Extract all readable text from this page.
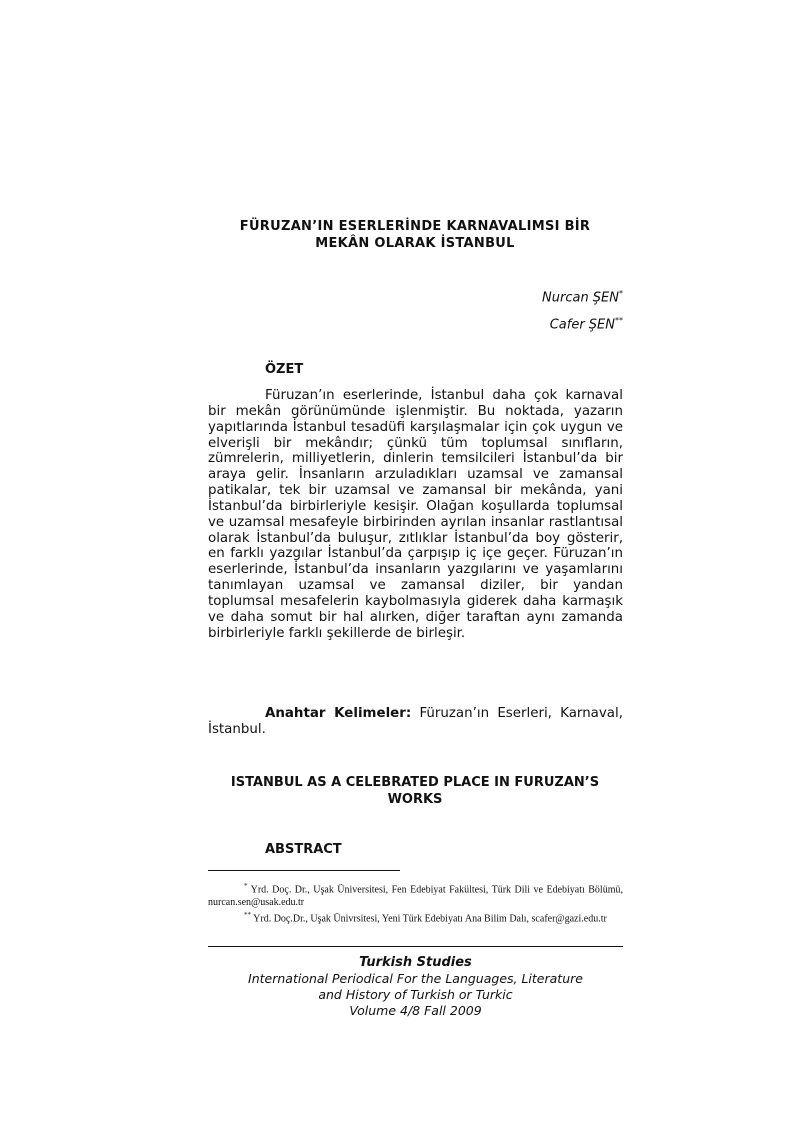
FÜRUZAN’IN ESERLERİNDE KARNAVALIMSI BİR
MEKÂN OLARAK İSTANBUL
Nurcan ŞEN*
Cafer ŞEN**
ÖZET

Füruzan’ın eserlerinde, İstanbul daha çok karnaval bir mekân görünümünde işlenmiştir. Bu noktada, yazarın yapıtlarında İstanbul tesadüfi karşılaşmalar için çok uygun ve elverişli bir mekândır; çünkü tüm toplumsal sınıfların, zümrelerin, milliyetlerin, dinlerin temsilcileri İstanbul’da bir araya gelir. İnsanların arzuladıkları uzamsal ve zamansal patikalar, tek bir uzamsal ve zamansal bir mekânda, yani İstanbul’da birbirleriyle kesişir. Olağan koşullarda toplumsal ve uzamsal mesafeyle birbirinden ayrılan insanlar rastlantısal olarak İstanbul’da buluşur, zıtlıklar İstanbul’da boy gösterir, en farklı yazgılar İstanbul’da çarpışıp iç içe geçer. Füruzan’ın eserlerinde, İstanbul’da insanların yazgılarını ve yaşamlarını tanımlayan uzamsal ve zamansal diziler, bir yandan toplumsal mesafelerin kaybolmasıyla giderek daha karmaşık ve daha somut bir hal alırken, diğer taraftan aynı zamanda birbirleriyle farklı şekillerde de birleşir.

Anahtar Kelimeler: Füruzan’ın Eserleri, Karnaval, İstanbul.

ISTANBUL AS A CELEBRATED PLACE IN FURUZAN’S
WORKS
ABSTRACT

* Yrd. Doç. Dr., Uşak Üniversitesi, Fen Edebiyat Fakültesi, Türk Dili ve Edebiyatı Bölümü, nurcan.sen@usak.edu.tr

** Yrd. Doç.Dr., Uşak Ünivrsitesi, Yeni Türk Edebiyatı Ana Bilim Dalı, scafer@gazi.edu.tr

Turkish Studies
International Periodical For the Languages, Literature
and History of Turkish or Turkic
Volume 4/8 Fall 2009
